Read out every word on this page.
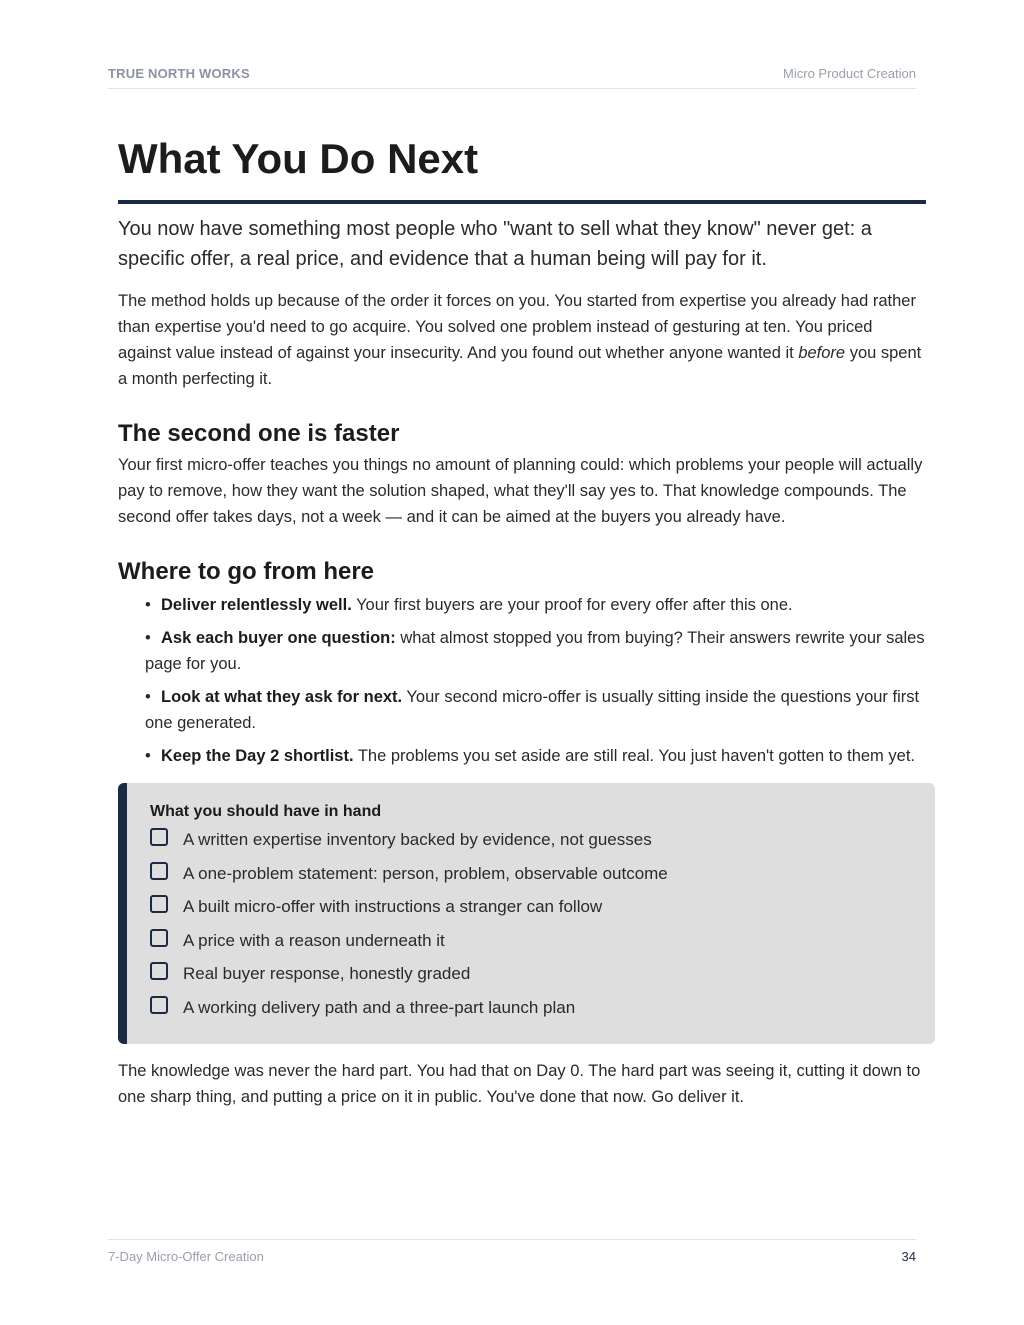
TRUE NORTH WORKS	Micro Product Creation
What You Do Next

You now have something most people who "want to sell what they know" never get: a specific offer, a real price, and evidence that a human being will pay for it.

The method holds up because of the order it forces on you. You started from expertise you already had rather than expertise you'd need to go acquire. You solved one problem instead of gesturing at ten. You priced against value instead of against your insecurity. And you found out whether anyone wanted it before you spent a month perfecting it.

The second one is faster

Your first micro-offer teaches you things no amount of planning could: which problems your people will actually pay to remove, how they want the solution shaped, what they'll say yes to. That knowledge compounds. The second offer takes days, not a week — and it can be aimed at the buyers you already have.

Where to go from here
• Deliver relentlessly well. Your first buyers are your proof for every offer after this one.
• Ask each buyer one question: what almost stopped you from buying? Their answers rewrite your sales page for you.
• Look at what they ask for next. Your second micro-offer is usually sitting inside the questions your first one generated.
• Keep the Day 2 shortlist. The problems you set aside are still real. You just haven't gotten to them yet.
What you should have in hand
A written expertise inventory backed by evidence, not guesses
A one-problem statement: person, problem, observable outcome
A built micro-offer with instructions a stranger can follow
A price with a reason underneath it
Real buyer response, honestly graded
A working delivery path and a three-part launch plan

The knowledge was never the hard part. You had that on Day 0. The hard part was seeing it, cutting it down to one sharp thing, and putting a price on it in public. You've done that now. Go deliver it.

7-Day Micro-Offer Creation	34
